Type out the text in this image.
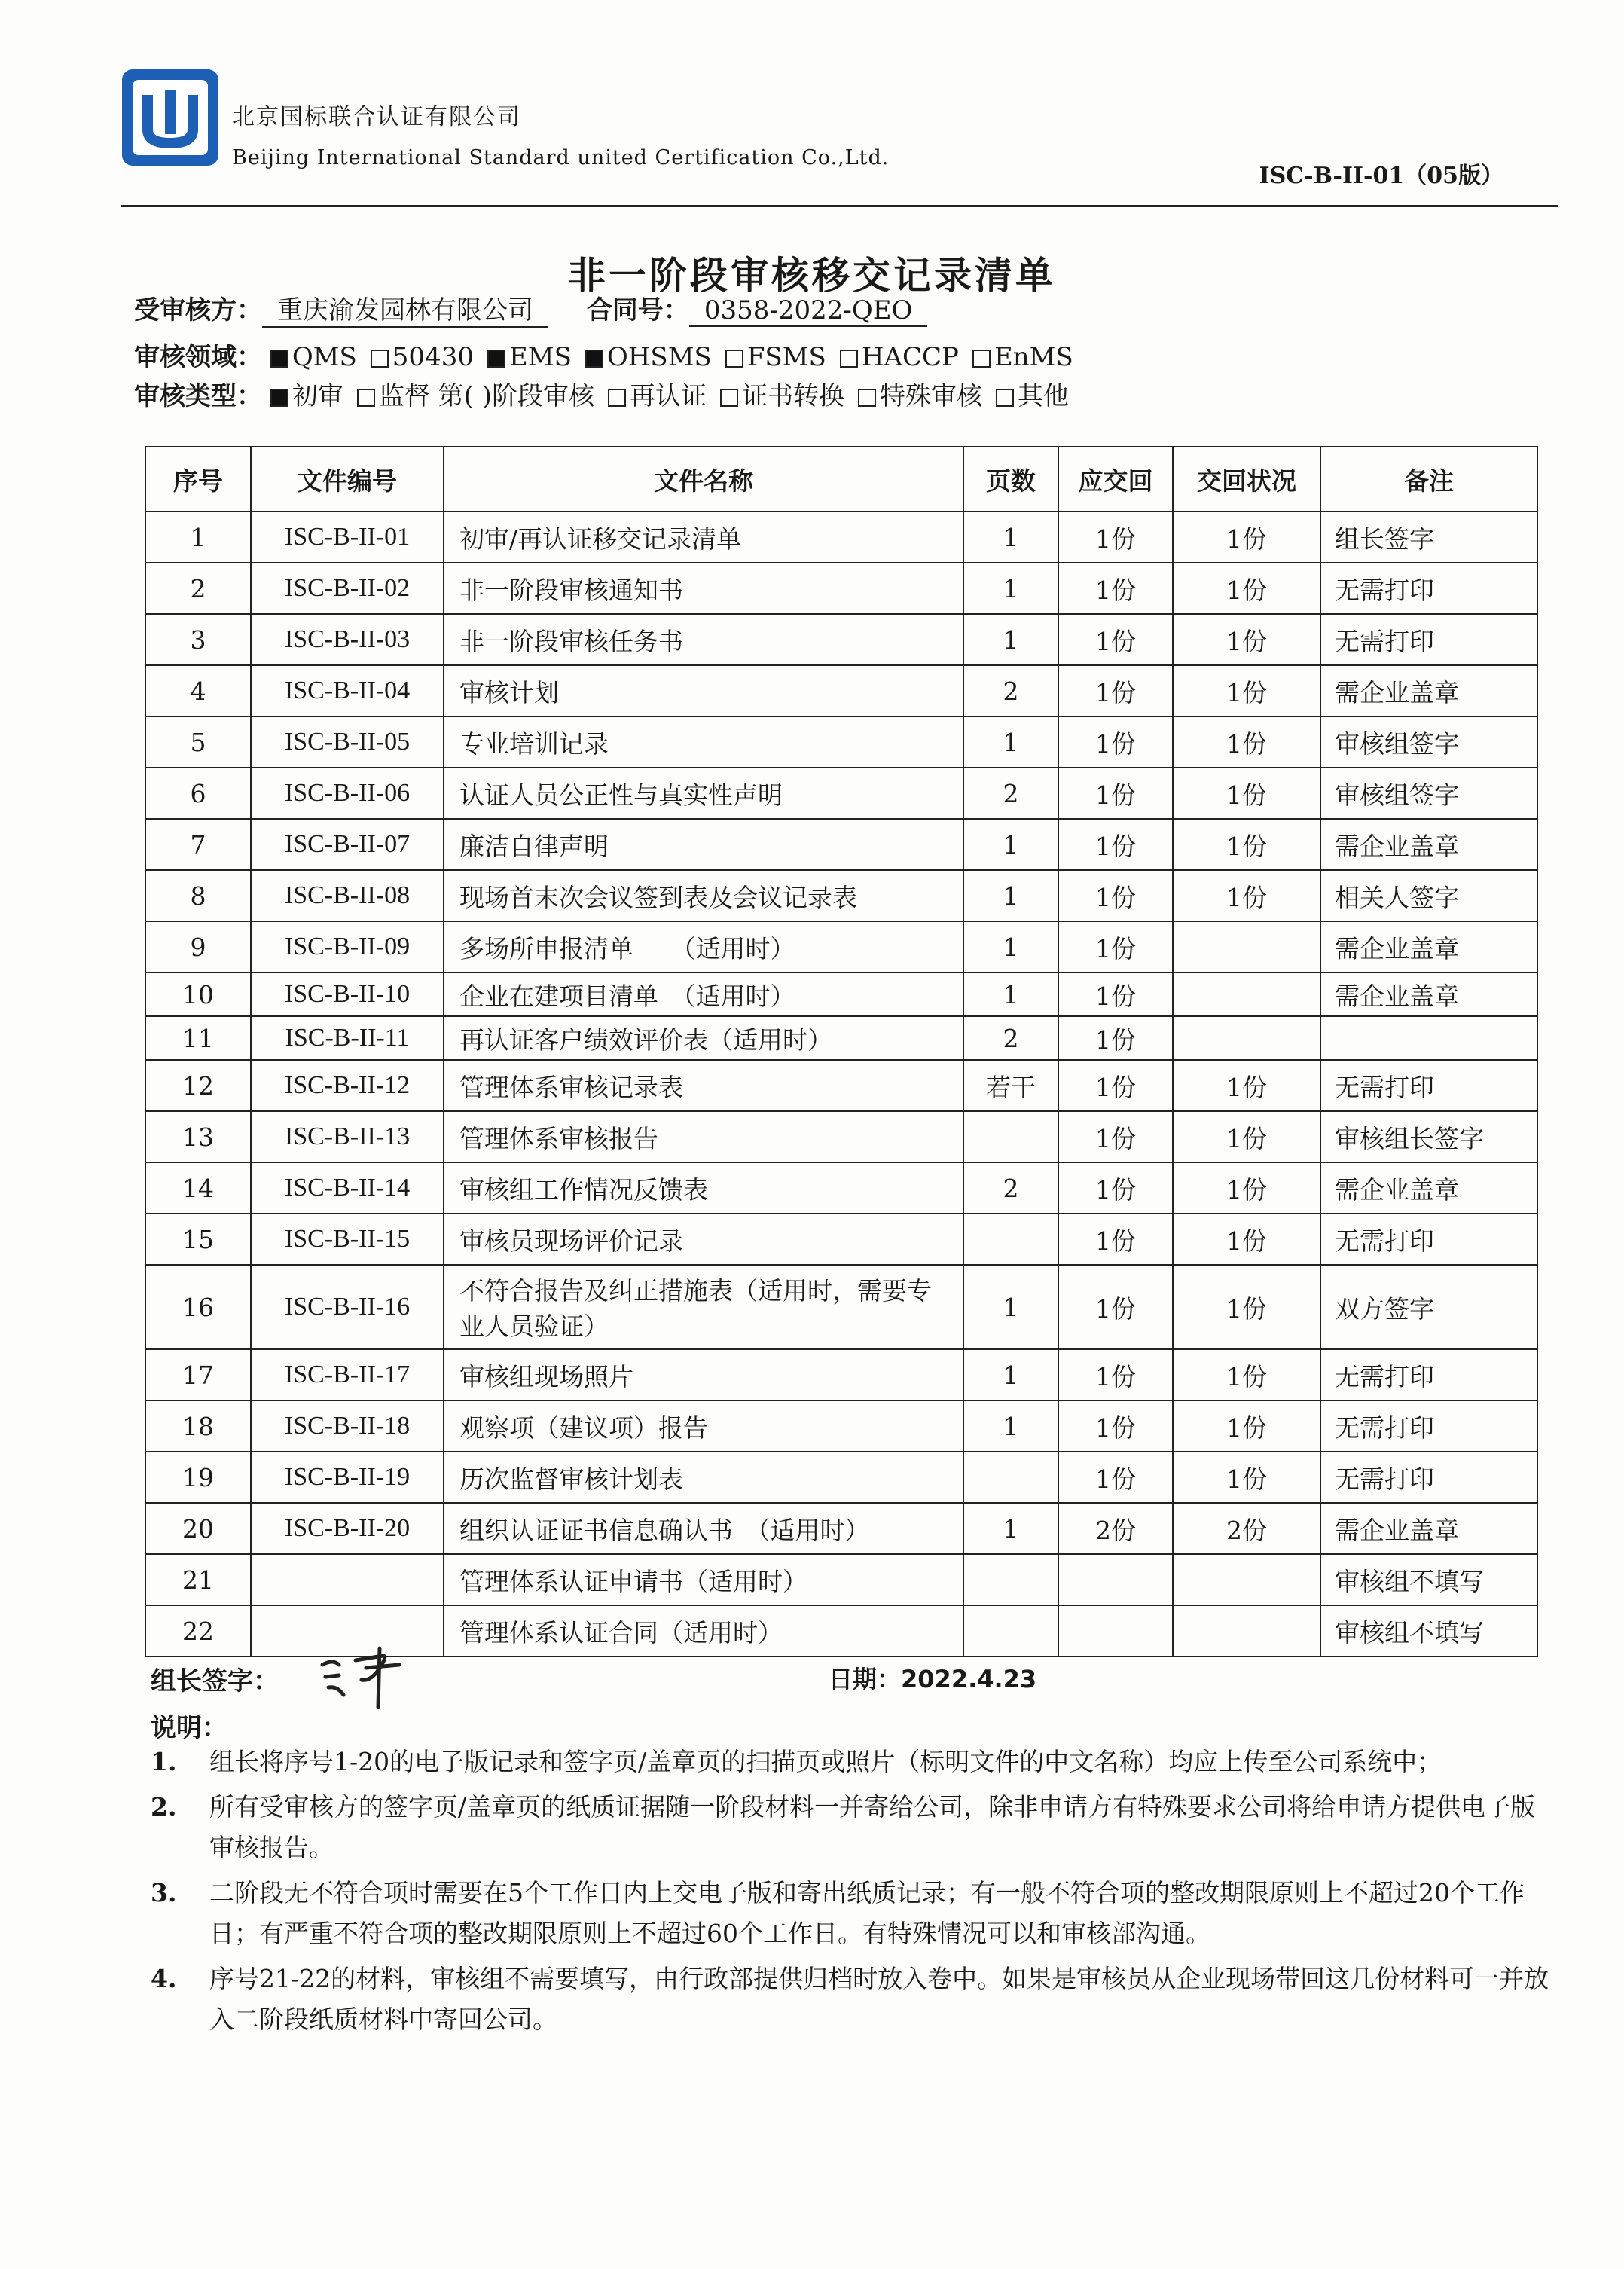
北京国标联合认证有限公司
Beijing International Standard united Certification Co.,Ltd.
ISC-B-II-01（05版）
非一阶段审核移交记录清单
受审核方： 重庆渝发园林有限公司 合同号： 0358-2022-QEO
审核领域： QMS 50430 EMS OHSMS FSMS HACCP EnMS
审核类型： 初审 监督 第( )阶段审核 再认证 证书转换 特殊审核 其他
序号	文件编号	文件名称	页数	应交回	交回状况	备注
1	ISC-B-II-01	初审/再认证移交记录清单	1	1份	1份	组长签字
2	ISC-B-II-02	非一阶段审核通知书	1	1份	1份	无需打印
3	ISC-B-II-03	非一阶段审核任务书	1	1份	1份	无需打印
4	ISC-B-II-04	审核计划	2	1份	1份	需企业盖章
5	ISC-B-II-05	专业培训记录	1	1份	1份	审核组签字
6	ISC-B-II-06	认证人员公正性与真实性声明	2	1份	1份	审核组签字
7	ISC-B-II-07	廉洁自律声明	1	1份	1份	需企业盖章
8	ISC-B-II-08	现场首末次会议签到表及会议记录表	1	1份	1份	相关人签字
9	ISC-B-II-09	多场所申报清单　　（适用时）	1	1份		需企业盖章
10	ISC-B-II-10	企业在建项目清单　（适用时）	1	1份		需企业盖章
11	ISC-B-II-11	再认证客户绩效评价表（适用时）	2	1份		
12	ISC-B-II-12	管理体系审核记录表	若干	1份	1份	无需打印
13	ISC-B-II-13	管理体系审核报告		1份	1份	审核组长签字
14	ISC-B-II-14	审核组工作情况反馈表	2	1份	1份	需企业盖章
15	ISC-B-II-15	审核员现场评价记录		1份	1份	无需打印
16	ISC-B-II-16	不符合报告及纠正措施表（适用时，需要专业人员验证）	1	1份	1份	双方签字
17	ISC-B-II-17	审核组现场照片	1	1份	1份	无需打印
18	ISC-B-II-18	观察项（建议项）报告	1	1份	1份	无需打印
19	ISC-B-II-19	历次监督审核计划表		1份	1份	无需打印
20	ISC-B-II-20	组织认证证书信息确认书　（适用时）	1	2份	2份	需企业盖章
21		管理体系认证申请书（适用时）				审核组不填写
22		管理体系认证合同（适用时）				审核组不填写
组长签字：	日期：2022.4.23
说明：
1. 组长将序号1-20的电子版记录和签字页/盖章页的扫描页或照片（标明文件的中文名称）均应上传至公司系统中；
2. 所有受审核方的签字页/盖章页的纸质证据随一阶段材料一并寄给公司，除非申请方有特殊要求公司将给申请方提供电子版审核报告。
3. 二阶段无不符合项时需要在5个工作日内上交电子版和寄出纸质记录；有一般不符合项的整改期限原则上不超过20个工作日；有严重不符合项的整改期限原则上不超过60个工作日。有特殊情况可以和审核部沟通。
4. 序号21-22的材料，审核组不需要填写，由行政部提供归档时放入卷中。如果是审核员从企业现场带回这几份材料可一并放入二阶段纸质材料中寄回公司。
